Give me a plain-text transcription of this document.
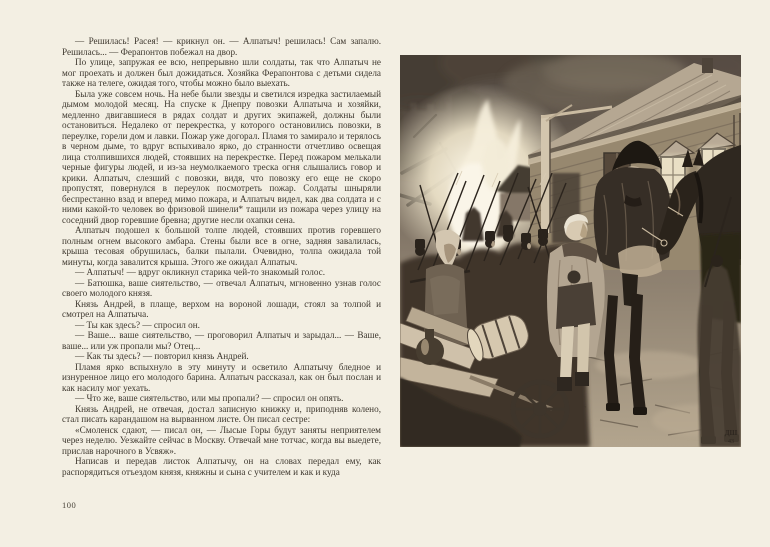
— Решилась! Расея! — крикнул он. — Алпатыч! решилась! Сам запалю. Решилась... — Ферапонтов побежал на двор.

По улице, запружая ее всю, непрерывно шли солдаты, так что Алпатыч не мог проехать и должен был дожидаться. Хозяйка Ферапонтова с детьми сидела также на телеге, ожидая того, чтобы можно было выехать.

Была уже совсем ночь. На небе были звезды и светился изредка застилаемый дымом молодой месяц. На спуске к Днепру повозки Алпатыча и хозяйки, медленно двигавшиеся в рядах солдат и других экипажей, должны были остановиться. Недалеко от перекрестка, у которого остановились повозки, в переулке, горели дом и лавки. Пожар уже догорал. Пламя то замирало и терялось в черном дыме, то вдруг вспыхивало ярко, до странности отчетливо освещая лица столпившихся людей, стоявших на перекрестке. Перед пожаром мелькали черные фигуры людей, и из-за неумолкаемого треска огня слышались говор и крики. Алпатыч, слезший с повозки, видя, что повозку его еще не скоро пропустят, повернулся в переулок посмотреть пожар. Солдаты шныряли беспрестанно взад и вперед мимо пожара, и Алпатыч видел, как два солдата и с ними какой-то человек во фризовой шинели* тащили из пожара через улицу на соседний двор горевшие бревна; другие несли охапки сена.

Алпатыч подошел к большой толпе людей, стоявших против горевшего полным огнем высокого амбара. Стены были все в огне, задняя завалилась, крыша тесовая обрушилась, балки пылали. Очевидно, толпа ожидала той минуты, когда завалится крыша. Этого же ожидал Алпатыч.

— Алпатыч! — вдруг окликнул старика чей-то знакомый голос.

— Батюшка, ваше сиятельство, — отвечал Алпатыч, мгновенно узнав голос своего молодого князя.

Князь Андрей, в плаще, верхом на вороной лошади, стоял за толпой и смотрел на Алпатыча.

— Ты как здесь? — спросил он.

— Ваше... ваше сиятельство, — проговорил Алпатыч и зарыдал... — Ваше, ваше... или уж пропали мы? Отец...

— Как ты здесь? — повторил князь Андрей.

Пламя ярко вспыхнуло в эту минуту и осветило Алпатычу бледное и изнуренное лицо его молодого барина. Алпатыч рассказал, как он был послан и как насилу мог уехать.

— Что же, ваше сиятельство, или мы пропали? — спросил он опять.

Князь Андрей, не отвечая, достал записную книжку и, приподняв колено, стал писать карандашом на вырванном листе. Он писал сестре:

«Смоленск сдают, — писал он, — Лысые Горы будут заняты неприятелем через неделю. Уезжайте сейчас в Москву. Отвечай мне тотчас, когда вы выедете, прислав нарочного в Усвяж».

Написав и передав листок Алпатычу, он на словах передал ему, как распорядиться отъездом князя, княжны и сына с учителем и как и куда

100
ДШ
43
